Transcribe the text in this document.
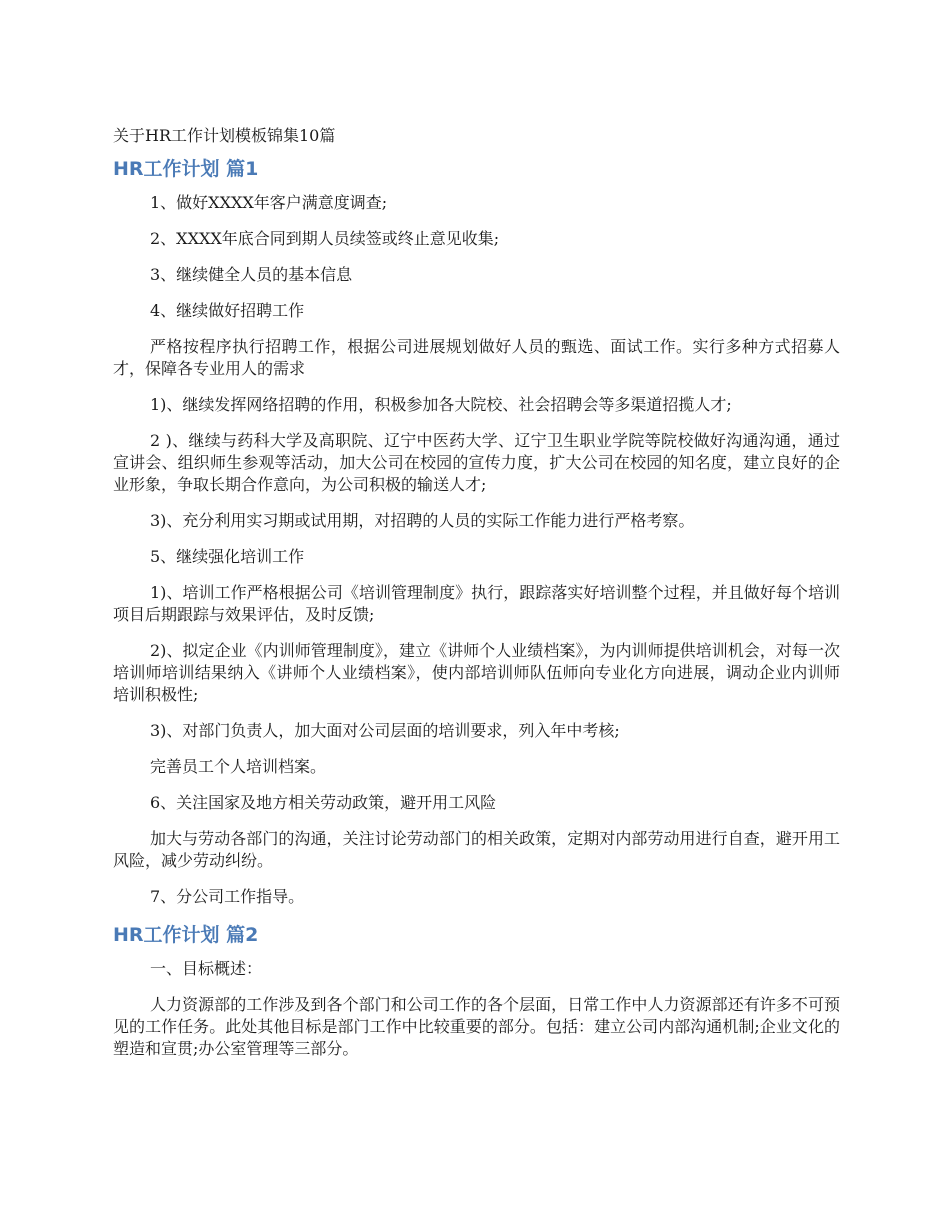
关于HR工作计划模板锦集10篇

HR工作计划 篇1

1、做好XXXX年客户满意度调查;

2、XXXX年底合同到期人员续签或终止意见收集;

3、继续健全人员的基本信息

4、继续做好招聘工作

严格按程序执行招聘工作，根据公司进展规划做好人员的甄选、面试工作。实行多种方式招募人才，保障各专业用人的需求

1)、继续发挥网络招聘的作用，积极参加各大院校、社会招聘会等多渠道招揽人才;

2 )、继续与药科大学及高职院、辽宁中医药大学、辽宁卫生职业学院等院校做好沟通沟通，通过宣讲会、组织师生参观等活动，加大公司在校园的宣传力度，扩大公司在校园的知名度，建立良好的企业形象，争取长期合作意向，为公司积极的输送人才;

3)、充分利用实习期或试用期，对招聘的人员的实际工作能力进行严格考察。

5、继续强化培训工作

1)、培训工作严格根据公司《培训管理制度》执行，跟踪落实好培训整个过程，并且做好每个培训项目后期跟踪与效果评估，及时反馈;

2)、拟定企业《内训师管理制度》，建立《讲师个人业绩档案》，为内训师提供培训机会，对每一次培训师培训结果纳入《讲师个人业绩档案》，使内部培训师队伍师向专业化方向进展，调动企业内训师培训积极性;

3)、对部门负责人，加大面对公司层面的培训要求，列入年中考核;

完善员工个人培训档案。

6、关注国家及地方相关劳动政策，避开用工风险

加大与劳动各部门的沟通，关注讨论劳动部门的相关政策，定期对内部劳动用进行自查，避开用工风险，减少劳动纠纷。

7、分公司工作指导。

HR工作计划 篇2

一、目标概述：

人力资源部的工作涉及到各个部门和公司工作的各个层面，日常工作中人力资源部还有许多不可预见的工作任务。此处其他目标是部门工作中比较重要的部分。包括：建立公司内部沟通机制;企业文化的塑造和宣贯;办公室管理等三部分。
